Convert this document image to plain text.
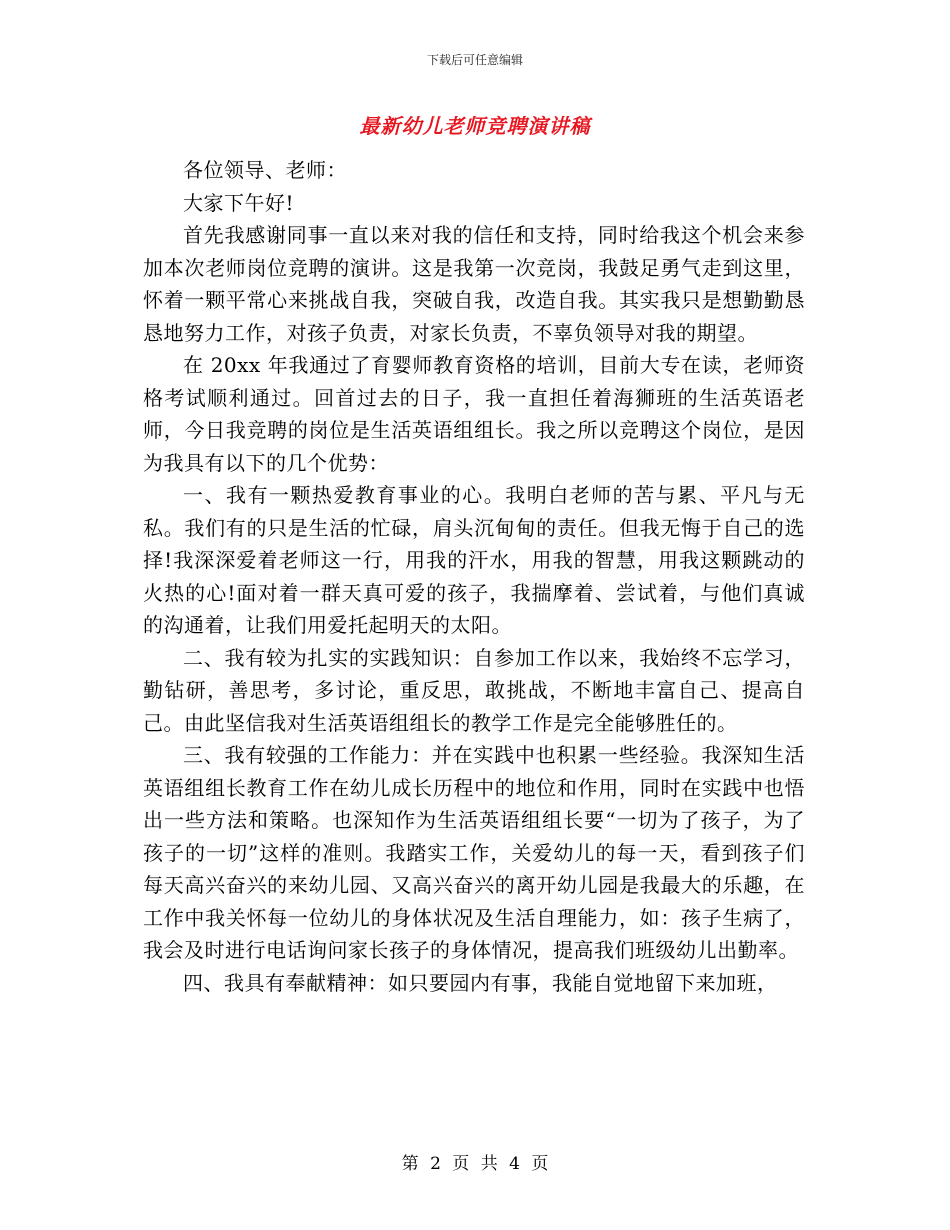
下载后可任意编辑
最新幼儿老师竞聘演讲稿

各位领导、老师：

大家下午好!

首先我感谢同事一直以来对我的信任和支持，同时给我这个机会来参加本次老师岗位竞聘的演讲。这是我第一次竞岗，我鼓足勇气走到这里，怀着一颗平常心来挑战自我，突破自我，改造自我。其实我只是想勤勤恳恳地努力工作，对孩子负责，对家长负责，不辜负领导对我的期望。

在 20xx 年我通过了育婴师教育资格的培训，目前大专在读，老师资格考试顺利通过。回首过去的日子，我一直担任着海狮班的生活英语老师，今日我竞聘的岗位是生活英语组组长。我之所以竞聘这个岗位，是因为我具有以下的几个优势：

一、我有一颗热爱教育事业的心。我明白老师的苦与累、平凡与无私。我们有的只是生活的忙碌，肩头沉甸甸的责任。但我无悔于自己的选择!我深深爱着老师这一行，用我的汗水，用我的智慧，用我这颗跳动的火热的心!面对着一群天真可爱的孩子，我揣摩着、尝试着，与他们真诚的沟通着，让我们用爱托起明天的太阳。

二、我有较为扎实的实践知识：自参加工作以来，我始终不忘学习，勤钻研，善思考，多讨论，重反思，敢挑战，不断地丰富自己、提高自己。由此坚信我对生活英语组组长的教学工作是完全能够胜任的。

三、我有较强的工作能力：并在实践中也积累一些经验。我深知生活英语组组长教育工作在幼儿成长历程中的地位和作用，同时在实践中也悟出一些方法和策略。也深知作为生活英语组组长要“一切为了孩子，为了孩子的一切”这样的准则。我踏实工作，关爱幼儿的每一天，看到孩子们每天高兴奋兴的来幼儿园、又高兴奋兴的离开幼儿园是我最大的乐趣，在工作中我关怀每一位幼儿的身体状况及生活自理能力，如：孩子生病了，我会及时进行电话询问家长孩子的身体情况，提高我们班级幼儿出勤率。

四、我具有奉献精神：如只要园内有事，我能自觉地留下来加班，

第 2 页 共 4 页
